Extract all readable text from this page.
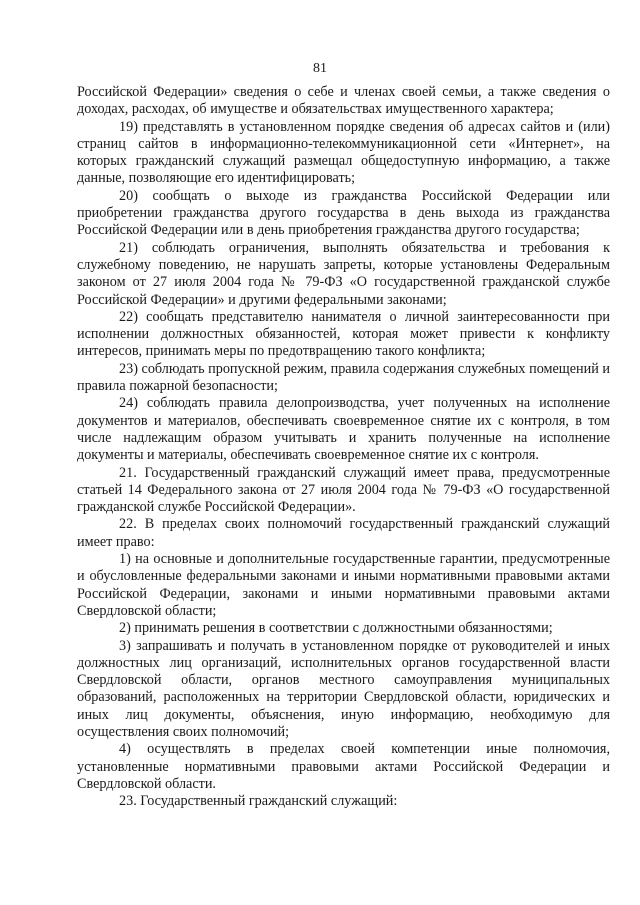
81

Российской Федерации» сведения о себе и членах своей семьи, а также сведения о доходах, расходах, об имуществе и обязательствах имущественного характера;

19) представлять в установленном порядке сведения об адресах сайтов и (или) страниц сайтов в информационно-телекоммуникационной сети «Интернет», на которых гражданский служащий размещал общедоступную информацию, а также данные, позволяющие его идентифицировать;

20) сообщать о выходе из гражданства Российской Федерации или приобретении гражданства другого государства в день выхода из гражданства Российской Федерации или в день приобретения гражданства другого государства;

21) соблюдать ограничения, выполнять обязательства и требования к служебному поведению, не нарушать запреты, которые установлены Федеральным законом от 27 июля 2004 года № 79-ФЗ «О государственной гражданской службе Российской Федерации» и другими федеральными законами;

22) сообщать представителю нанимателя о личной заинтересованности при исполнении должностных обязанностей, которая может привести к конфликту интересов, принимать меры по предотвращению такого конфликта;

23) соблюдать пропускной режим, правила содержания служебных помещений и правила пожарной безопасности;

24) соблюдать правила делопроизводства, учет полученных на исполнение документов и материалов, обеспечивать своевременное снятие их с контроля, в том числе надлежащим образом учитывать и хранить полученные на исполнение документы и материалы, обеспечивать своевременное снятие их с контроля.

21. Государственный гражданский служащий имеет права, предусмотренные статьей 14 Федерального закона от 27 июля 2004 года № 79-ФЗ «О государственной гражданской службе Российской Федерации».

22. В пределах своих полномочий государственный гражданский служащий имеет право:

1) на основные и дополнительные государственные гарантии, предусмотренные и обусловленные федеральными законами и иными нормативными правовыми актами Российской Федерации, законами и иными нормативными правовыми актами Свердловской области;

2) принимать решения в соответствии с должностными обязанностями;

3) запрашивать и получать в установленном порядке от руководителей и иных должностных лиц организаций, исполнительных органов государственной власти Свердловской области, органов местного самоуправления муниципальных образований, расположенных на территории Свердловской области, юридических и иных лиц документы, объяснения, иную информацию, необходимую для осуществления своих полномочий;

4) осуществлять в пределах своей компетенции иные полномочия, установленные нормативными правовыми актами Российской Федерации и Свердловской области.

23. Государственный гражданский служащий:
